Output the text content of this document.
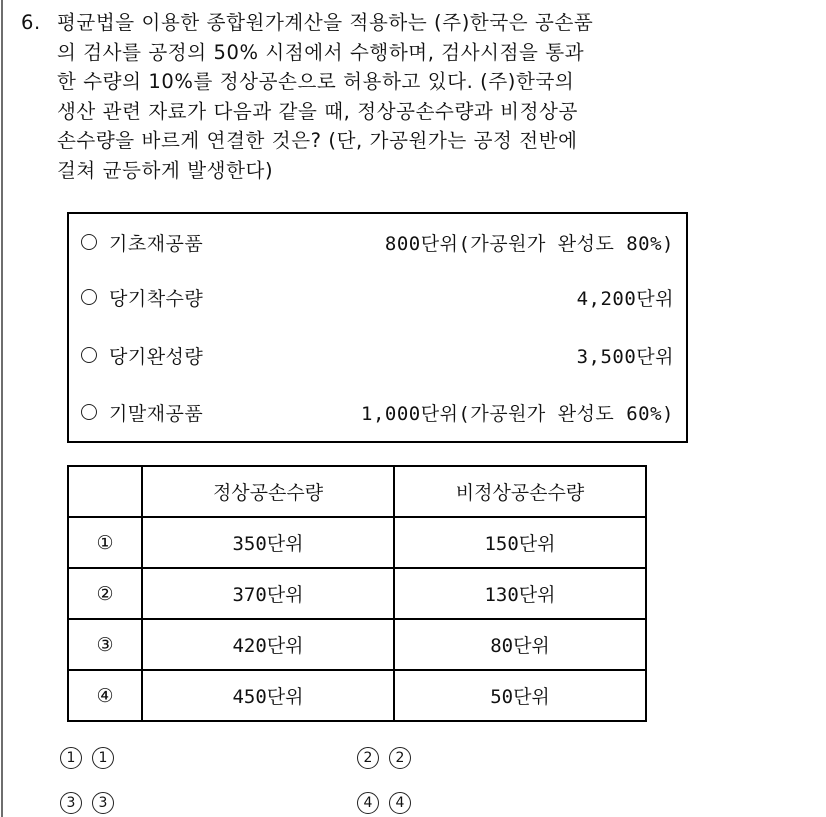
6. 평균법을 이용한 종합원가계산을 적용하는 (주)한국은 공손품
의 검사를 공정의 50% 시점에서 수행하며, 검사시점을 통과
한 수량의 10%를 정상공손으로 허용하고 있다. (주)한국의
생산 관련 자료가 다음과 같을 때, 정상공손수량과 비정상공
손수량을 바르게 연결한 것은? (단, 가공원가는 공정 전반에
걸쳐 균등하게 발생한다)
기초재공품	800단위(가공원가 완성도 80%)
당기착수량	4,200단위
당기완성량	3,500단위
기말재공품	1,000단위(가공원가 완성도 60%)
	정상공손수량	비정상공손수량
①	350단위	150단위
②	370단위	130단위
③	420단위	80단위
④	450단위	50단위
1	1	2	2
3	3	4	4
